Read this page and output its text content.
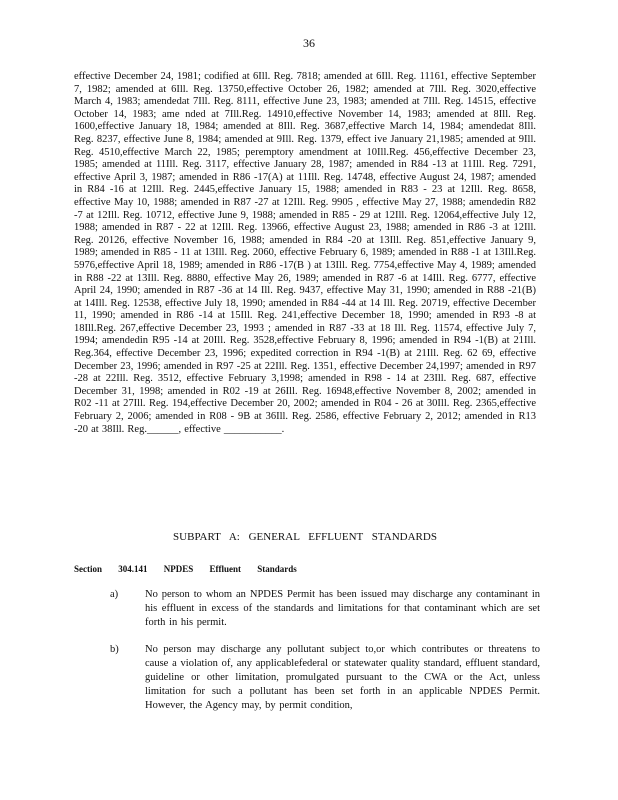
36
effective December 24, 1981; codified at 6Ill. Reg. 7818; amended at 6Ill. Reg. 11161, effective September 7, 1982; amended at 6Ill. Reg. 13750,effective October 26, 1982; amended at 7Ill. Reg. 3020,effective March 4, 1983; amendedat 7Ill. Reg. 8111, effective June 23, 1983; amended at 7Ill. Reg. 14515, effective October 14, 1983; ame nded at 7Ill.Reg. 14910,effective November 14, 1983; amended at 8Ill. Reg. 1600,effective January 18, 1984; amended at 8Ill. Reg. 3687,effective March 14, 1984; amendedat 8Ill. Reg. 8237, effective June 8, 1984; amended at 9Ill. Reg. 1379, effect ive January 21,1985; amended at 9Ill. Reg. 4510,effective March 22, 1985; peremptory amendment at 10Ill.Reg. 456,effective December 23, 1985; amended at 11Ill. Reg. 3117, effective January 28, 1987; amended in R84 -13 at 11Ill. Reg. 7291, effective April 3, 1987; amended in R86 -17(A) at 11Ill. Reg. 14748, effective August 24, 1987; amended in R84 -16 at 12Ill. Reg. 2445,effective January 15, 1988; amended in R83 - 23 at 12Ill. Reg. 8658, effective May 10, 1988; amended in R87 -27 at 12Ill. Reg. 9905 , effective May 27, 1988; amendedin R82 -7 at 12Ill. Reg. 10712, effective June 9, 1988; amended in R85 - 29 at 12Ill. Reg. 12064,effective July 12, 1988; amended in R87 - 22 at 12Ill. Reg. 13966, effective August 23, 1988; amended in R86 -3 at 12Ill. Reg. 20126, effective November 16, 1988; amended in R84 -20 at 13Ill. Reg. 851,effective January 9, 1989; amended in R85 - 11 at 13Ill. Reg. 2060, effective February 6, 1989; amended in R88 -1 at 13Ill.Reg. 5976,effective April 18, 1989; amended in R86 -17(B ) at 13Ill. Reg. 7754,effective May 4, 1989; amended in R88 -22 at 13Ill. Reg. 8880, effective May 26, 1989; amended in R87 -6 at 14Ill. Reg. 6777, effective April 24, 1990; amended in R87 -36 at 14 Ill. Reg. 9437, effective May 31, 1990; amended in R88 -21(B) at 14Ill. Reg. 12538, effective July 18, 1990; amended in R84 -44 at 14 Ill. Reg. 20719, effective December 11, 1990; amended in R86 -14 at 15Ill. Reg. 241,effective December 18, 1990; amended in R93 -8 at 18Ill.Reg. 267,effective December 23, 1993 ; amended in R87 -33 at 18 Ill. Reg. 11574, effective July 7, 1994; amendedin R95 -14 at 20Ill. Reg. 3528,effective February 8, 1996; amended in R94 -1(B) at 21Ill. Reg.364, effective December 23, 1996; expedited correction in R94 -1(B) at 21Ill. Reg. 62 69, effective December 23, 1996; amended in R97 -25 at 22Ill. Reg. 1351, effective December 24,1997; amended in R97 -28 at 22Ill. Reg. 3512, effective February 3,1998; amended in R98 - 14 at 23Ill. Reg. 687, effective December 31, 1998; amended in R02 -19 at 26Ill. Reg. 16948,effective November 8, 2002; amended in R02 -11 at 27Ill. Reg. 194,effective December 20, 2002; amended in R04 - 26 at 30Ill. Reg. 2365,effective February 2, 2006; amended in R08 - 9B at 36Ill. Reg. 2586, effective February 2, 2012; amended in R13 -20 at 38Ill. Reg.______, effective ___________.
SUBPART A: GENERAL EFFLUENT STANDARDS
Section 304.141 NPDES Effluent Standards
a)	No person to whom an NPDES Permit has been issued may discharge any contaminant in his effluent in excess of the standards and limitations for that contaminant which are set forth in his permit.
b)	No person may discharge any pollutant subject to,or which contributes or threatens to cause a violation of, any applicablefederal or statewater quality standard, effluent standard, guideline or other limitation, promulgated pursuant to the CWA or the Act, unless limitation for such a pollutant has been set forth in an applicable NPDES Permit. However, the Agency may, by permit condition,
